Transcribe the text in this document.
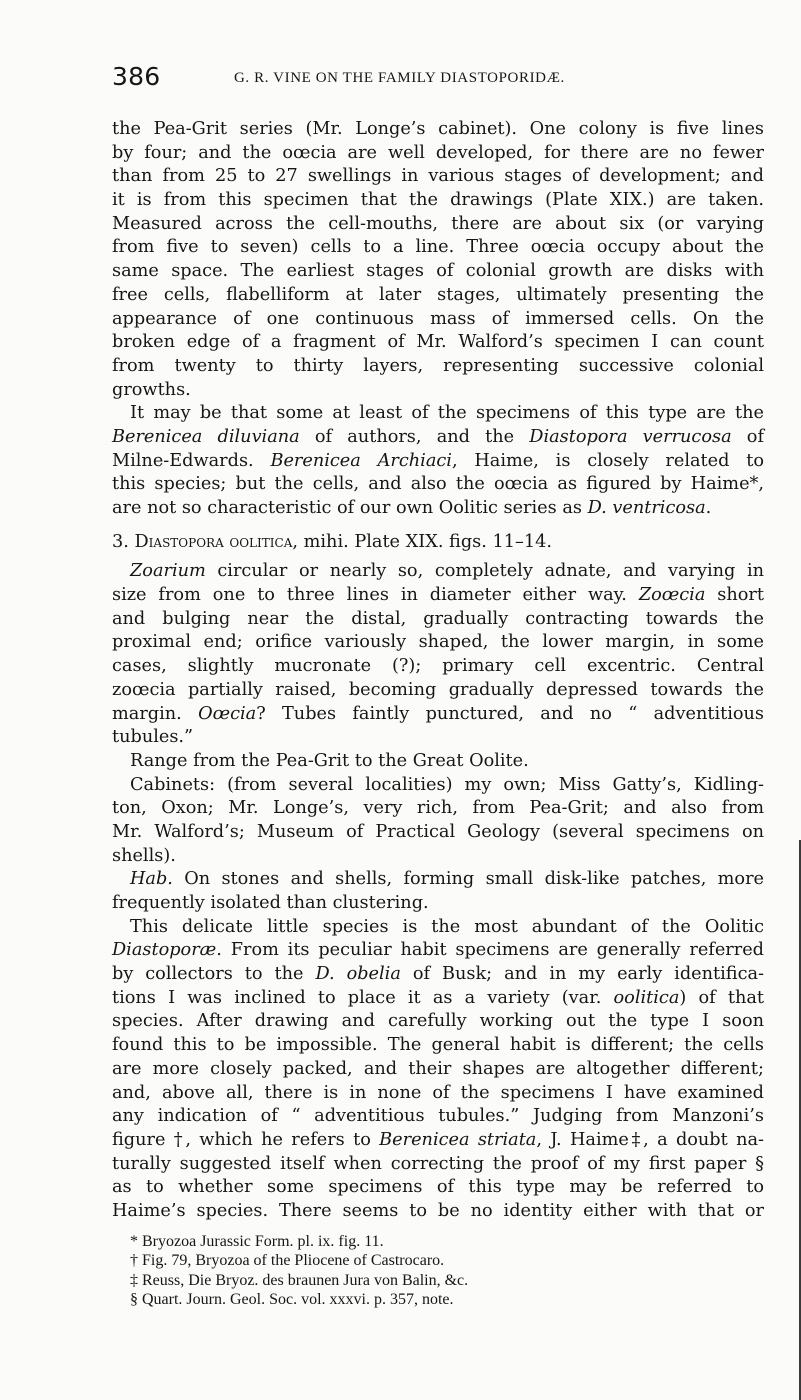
386	G. R. VINE ON THE FAMILY DIASTOPORIDÆ.
the Pea-Grit series (Mr. Longe’s cabinet). One colony is five lines
by four; and the oœcia are well developed, for there are no fewer
than from 25 to 27 swellings in various stages of development; and
it is from this specimen that the drawings (Plate XIX.) are taken.
Measured across the cell-mouths, there are about six (or varying
from five to seven) cells to a line. Three oœcia occupy about the
same space. The earliest stages of colonial growth are disks with
free cells, flabelliform at later stages, ultimately presenting the
appearance of one continuous mass of immersed cells. On the
broken edge of a fragment of Mr. Walford’s specimen I can count
from twenty to thirty layers, representing successive colonial
growths.
It may be that some at least of the specimens of this type are the
Berenicea diluviana of authors, and the Diastopora verrucosa of
Milne-Edwards. Berenicea Archiaci, Haime, is closely related to
this species; but the cells, and also the oœcia as figured by Haime*,
are not so characteristic of our own Oolitic series as D. ventricosa.
3. Diastopora oolitica, mihi. Plate XIX. figs. 11–14.
Zoarium circular or nearly so, completely adnate, and varying in
size from one to three lines in diameter either way. Zoœcia short
and bulging near the distal, gradually contracting towards the
proximal end; orifice variously shaped, the lower margin, in some
cases, slightly mucronate (?); primary cell excentric. Central
zoœcia partially raised, becoming gradually depressed towards the
margin. Oœcia? Tubes faintly punctured, and no “ adventitious
tubules.”
Range from the Pea-Grit to the Great Oolite.
Cabinets: (from several localities) my own; Miss Gatty’s, Kidling-
ton, Oxon; Mr. Longe’s, very rich, from Pea-Grit; and also from
Mr. Walford’s; Museum of Practical Geology (several specimens on
shells).
Hab. On stones and shells, forming small disk-like patches, more
frequently isolated than clustering.
This delicate little species is the most abundant of the Oolitic
Diastoporæ. From its peculiar habit specimens are generally referred
by collectors to the D. obelia of Busk; and in my early identifica-
tions I was inclined to place it as a variety (var. oolitica) of that
species. After drawing and carefully working out the type I soon
found this to be impossible. The general habit is different; the cells
are more closely packed, and their shapes are altogether different;
and, above all, there is in none of the specimens I have examined
any indication of “ adventitious tubules.” Judging from Manzoni’s
figure †, which he refers to Berenicea striata, J. Haime‡, a doubt na-
turally suggested itself when correcting the proof of my first paper §
as to whether some specimens of this type may be referred to
Haime’s species. There seems to be no identity either with that or
* Bryozoa Jurassic Form. pl. ix. fig. 11.
† Fig. 79, Bryozoa of the Pliocene of Castrocaro.
‡ Reuss, Die Bryoz. des braunen Jura von Balin, &c.
§ Quart. Journ. Geol. Soc. vol. xxxvi. p. 357, note.
